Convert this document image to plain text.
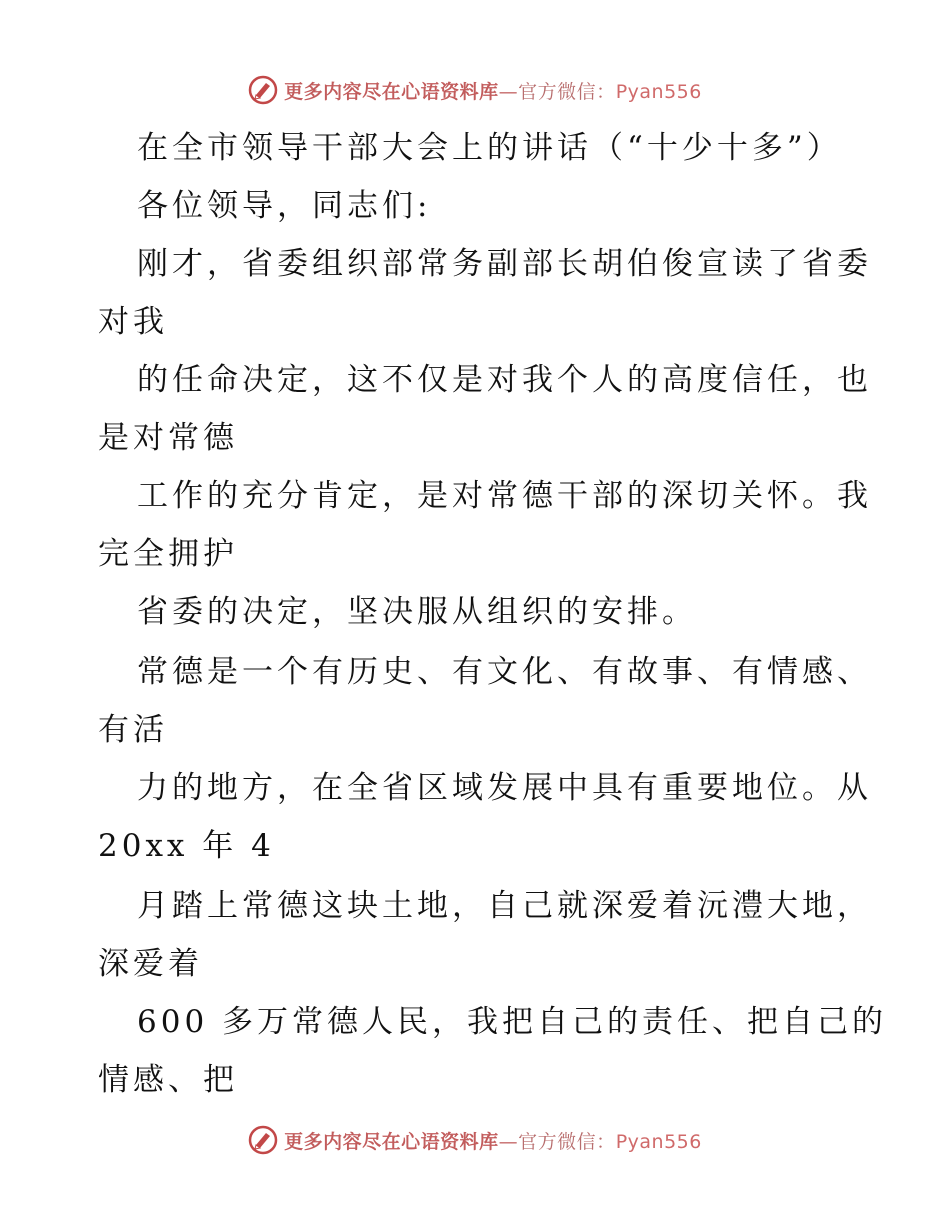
更多内容尽在心语资料库—官方微信：Pyan556
在全市领导干部大会上的讲话（“十少十多”）
各位领导，同志们:
刚才，省委组织部常务副部长胡伯俊宣读了省委
对我
的任命决定，这不仅是对我个人的高度信任，也
是对常德
工作的充分肯定，是对常德干部的深切关怀。我
完全拥护
省委的决定，坚决服从组织的安排。
常德是一个有历史、有文化、有故事、有情感、
有活
力的地方，在全省区域发展中具有重要地位。从
20xx 年 4
月踏上常德这块土地，自己就深爱着沅澧大地，
深爱着
600 多万常德人民，我把自己的责任、把自己的
情感、把
更多内容尽在心语资料库—官方微信：Pyan556
